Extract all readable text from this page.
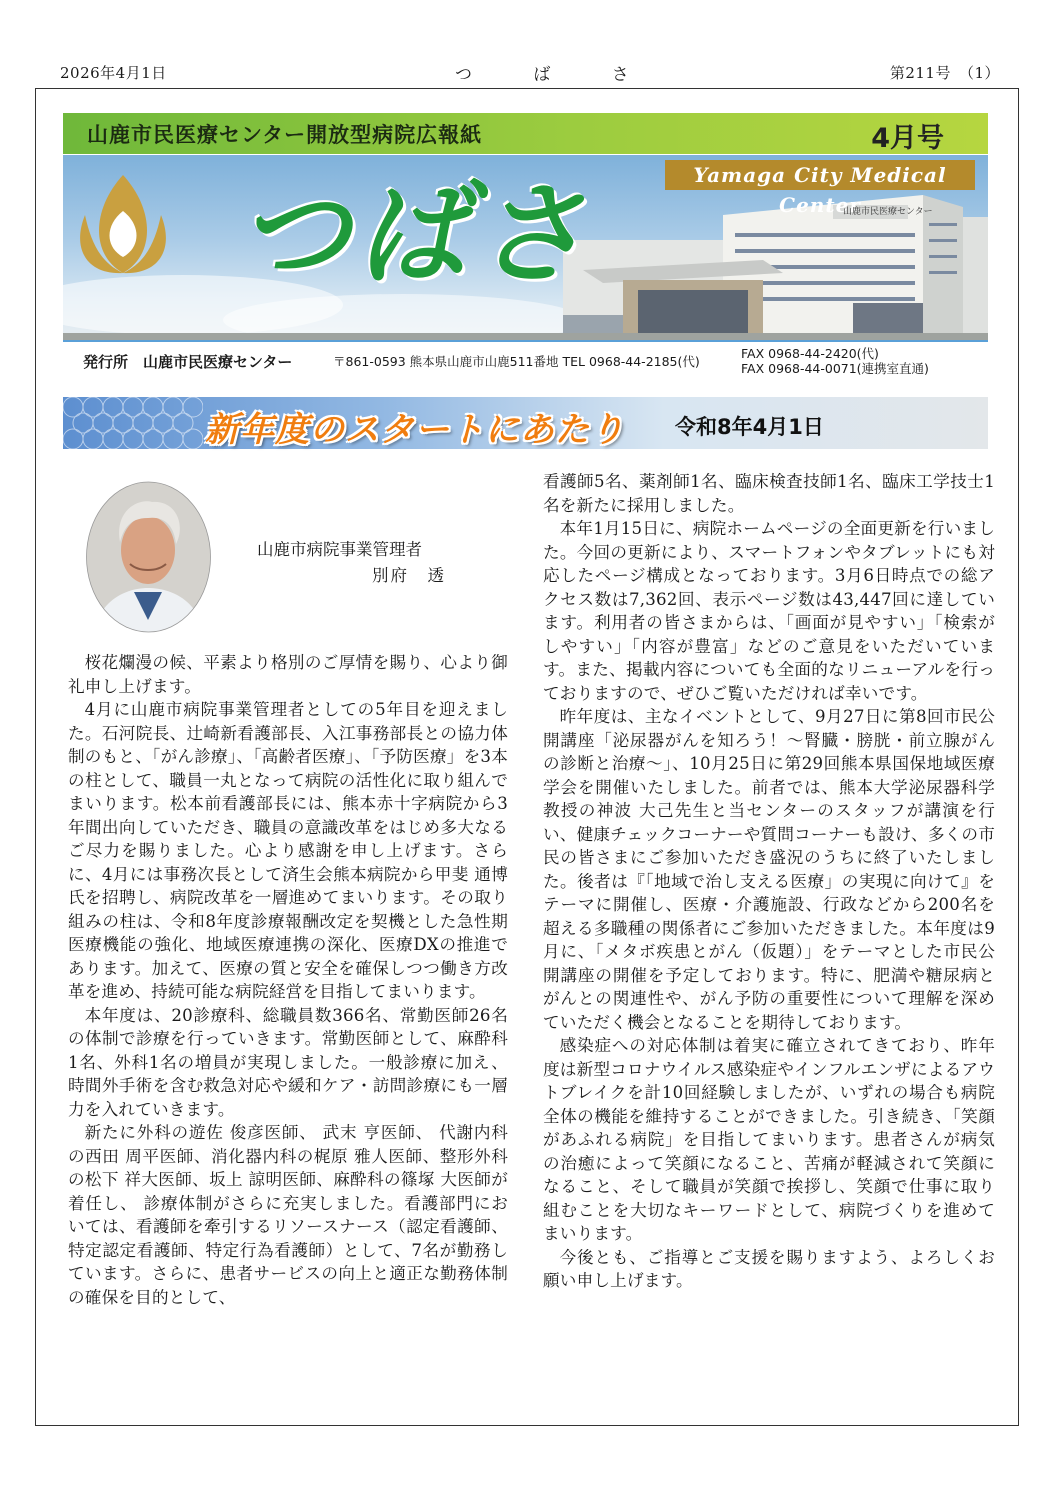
2026年4月1日	つ ば さ	第211号　（1）
山鹿市民医療センター開放型病院広報紙	4月号
Yamaga City Medical Center
つばさ	山鹿市民医療センター
発行所　山鹿市民医療センター	〒861-0593 熊本県山鹿市山鹿511番地 TEL 0968-44-2185(代)
FAX 0968-44-2420(代)
FAX 0968-44-0071(連携室直通)
新年度のスタートにあたり 令和8年4月1日
山鹿市病院事業管理者
別府　透

桜花爛漫の候、平素より格別のご厚情を賜り、心より御礼申し上げます。

4月に山鹿市病院事業管理者としての5年目を迎えました。石河院長、辻崎新看護部長、入江事務部長との協力体制のもと、「がん診療」、「高齢者医療」、「予防医療」を3本の柱として、職員一丸となって病院の活性化に取り組んでまいります。松本前看護部長には、熊本赤十字病院から3年間出向していただき、職員の意識改革をはじめ多大なるご尽力を賜りました。心より感謝を申し上げます。さらに、4月には事務次長として済生会熊本病院から甲斐 通博氏を招聘し、病院改革を一層進めてまいります。その取り組みの柱は、令和8年度診療報酬改定を契機とした急性期医療機能の強化、地域医療連携の深化、医療DXの推進であります。加えて、医療の質と安全を確保しつつ働き方改革を進め、持続可能な病院経営を目指してまいります。

本年度は、20診療科、総職員数366名、常勤医師26名の体制で診療を行っていきます。常勤医師として、麻酔科1名、外科1名の増員が実現しました。一般診療に加え、時間外手術を含む救急対応や緩和ケア・訪問診療にも一層力を入れていきます。

新たに外科の遊佐 俊彦医師、 武末 亨医師、 代謝内科の西田 周平医師、消化器内科の梶原 雅人医師、整形外科の松下 祥大医師、坂上 諒明医師、麻酔科の篠塚 大医師が着任し、 診療体制がさらに充実しました。看護部門においては、看護師を牽引するリソースナース（認定看護師、特定認定看護師、特定行為看護師）として、7名が勤務しています。さらに、患者サービスの向上と適正な勤務体制の確保を目的として、

看護師5名、薬剤師1名、臨床検査技師1名、臨床工学技士1名を新たに採用しました。

本年1月15日に、病院ホームページの全面更新を行いました。今回の更新により、スマートフォンやタブレットにも対応したページ構成となっております。3月6日時点での総アクセス数は7,362回、表示ページ数は43,447回に達しています。利用者の皆さまからは、「画面が見やすい」「検索がしやすい」「内容が豊富」などのご意見をいただいています。また、掲載内容についても全面的なリニューアルを行っておりますので、ぜひご覧いただければ幸いです。

昨年度は、主なイベントとして、9月27日に第8回市民公開講座「泌尿器がんを知ろう！～腎臓・膀胱・前立腺がんの診断と治療～」、10月25日に第29回熊本県国保地域医療学会を開催いたしました。前者では、熊本大学泌尿器科学教授の神波 大己先生と当センターのスタッフが講演を行い、健康チェックコーナーや質問コーナーも設け、多くの市民の皆さまにご参加いただき盛況のうちに終了いたしました。後者は『「地域で治し支える医療」の実現に向けて』をテーマに開催し、医療・介護施設、行政などから200名を超える多職種の関係者にご参加いただきました。本年度は9月に、「メタボ疾患とがん（仮題）」をテーマとした市民公開講座の開催を予定しております。特に、肥満や糖尿病とがんとの関連性や、がん予防の重要性について理解を深めていただく機会となることを期待しております。

感染症への対応体制は着実に確立されてきており、昨年度は新型コロナウイルス感染症やインフルエンザによるアウトブレイクを計10回経験しましたが、いずれの場合も病院全体の機能を維持することができました。引き続き、「笑顔があふれる病院」を目指してまいります。患者さんが病気の治癒によって笑顔になること、苦痛が軽減されて笑顔になること、そして職員が笑顔で挨拶し、笑顔で仕事に取り組むことを大切なキーワードとして、病院づくりを進めてまいります。

今後とも、ご指導とご支援を賜りますよう、よろしくお願い申し上げます。
